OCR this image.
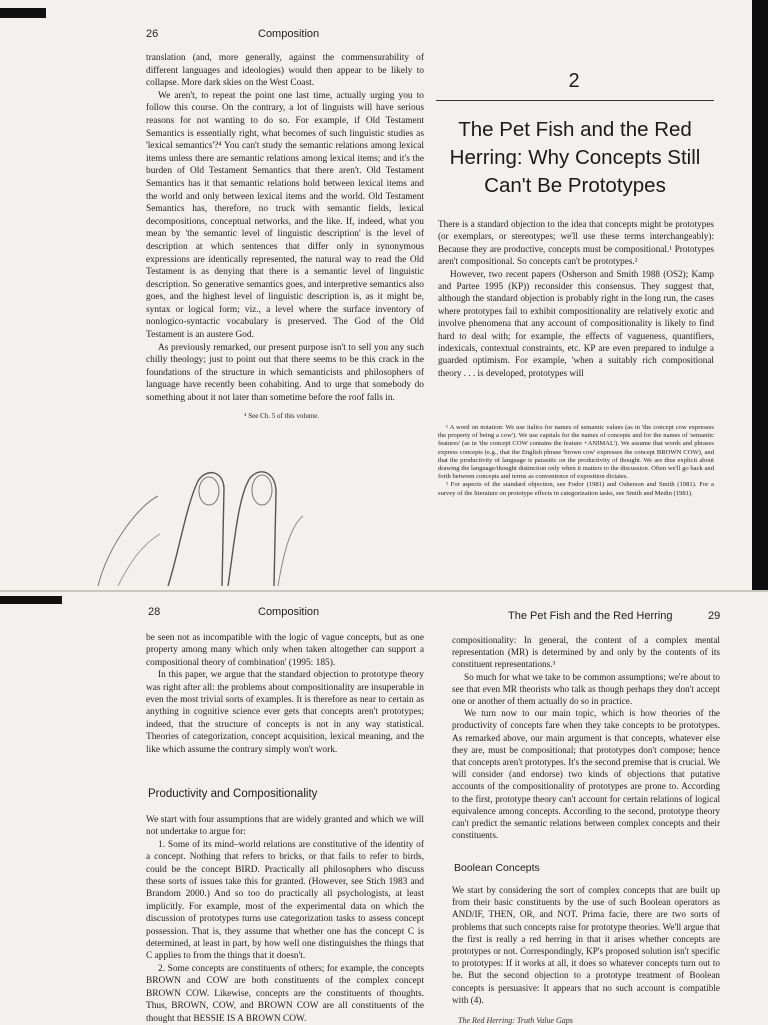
26	Composition

translation (and, more generally, against the commensurability of different languages and ideologies) would then appear to be likely to collapse. More dark skies on the West Coast.

We aren't, to repeat the point one last time, actually urging you to follow this course. On the contrary, a lot of linguists will have serious reasons for not wanting to do so. For example, if Old Testament Semantics is essentially right, what becomes of such linguistic studies as 'lexical semantics'?⁴ You can't study the semantic relations among lexical items unless there are semantic relations among lexical items; and it's the burden of Old Testament Semantics that there aren't. Old Testament Semantics has it that semantic relations hold between lexical items and the world and only between lexical items and the world. Old Testament Semantics has, therefore, no truck with semantic fields, lexical decompositions, conceptual networks, and the like. If, indeed, what you mean by 'the semantic level of linguistic description' is the level of description at which sentences that differ only in synonymous expressions are identically represented, the natural way to read the Old Testament is as denying that there is a semantic level of linguistic description. So generative semantics goes, and interpretive semantics also goes, and the highest level of linguistic description is, as it might be, syntax or logical form; viz., a level where the surface inventory of nonlogico-syntactic vocabulary is preserved. The God of the Old Testament is an austere God.

As previously remarked, our present purpose isn't to sell you any such chilly theology; just to point out that there seems to be this crack in the foundations of the structure in which semanticists and philosophers of language have recently been cohabiting. And to urge that somebody do something about it not later than sometime before the roof falls in.

⁴ See Ch. 5 of this volume.
2
The Pet Fish and the Red Herring: Why Concepts Still Can't Be Prototypes

There is a standard objection to the idea that concepts might be prototypes (or exemplars, or stereotypes; we'll use these terms interchangeably): Because they are productive, concepts must be compositional.¹ Prototypes aren't compositional. So concepts can't be prototypes.²

However, two recent papers (Osherson and Smith 1988 (OS2); Kamp and Partee 1995 (KP)) reconsider this consensus. They suggest that, although the standard objection is probably right in the long run, the cases where prototypes fail to exhibit compositionality are relatively exotic and involve phenomena that any account of compositionality is likely to find hard to deal with; for example, the effects of vagueness, quantifiers, indexicals, contextual constraints, etc. KP are even prepared to indulge a guarded optimism. For example, 'when a suitably rich compositional theory . . . is developed, prototypes will

¹ A word on notation: We use italics for names of semantic values (as in 'the concept cow expresses the property of being a cow'). We use capitals for the names of concepts and for the names of 'semantic features' (as in 'the concept COW contains the feature +ANIMAL'). We assume that words and phrases express concepts (e.g., that the English phrase 'brown cow' expresses the concept BROWN COW), and that the productivity of language is parasitic on the productivity of thought. We are thus explicit about drawing the language/thought distinction only when it matters to the discussion. Often we'll go back and forth between concepts and terms as convenience of exposition dictates.

² For aspects of the standard objection, see Fodor (1981) and Osherson and Smith (1981). For a survey of the literature on prototype effects in categorization tasks, see Smith and Medin (1981).

28	Composition

be seen not as incompatible with the logic of vague concepts, but as one property among many which only when taken altogether can support a compositional theory of combination' (1995: 185).

In this paper, we argue that the standard objection to prototype theory was right after all: the problems about compositionality are insuperable in even the most trivial sorts of examples. It is therefore as near to certain as anything in cognitive science ever gets that concepts aren't prototypes; indeed, that the structure of concepts is not in any way statistical. Theories of categorization, concept acquisition, lexical meaning, and the like which assume the contrary simply won't work.

Productivity and Compositionality

We start with four assumptions that are widely granted and which we will not undertake to argue for:

1. Some of its mind–world relations are constitutive of the identity of a concept. Nothing that refers to bricks, or that fails to refer to birds, could be the concept BIRD. Practically all philosophers who discuss these sorts of issues take this for granted. (However, see Stich 1983 and Brandom 2000.) And so too do practically all psychologists, at least implicitly. For example, most of the experimental data on which the discussion of prototypes turns use categorization tasks to assess concept possession. That is, they assume that whether one has the concept C is determined, at least in part, by how well one distinguishes the things that C applies to from the things that it doesn't.

2. Some concepts are constituents of others; for example, the concepts BROWN and COW are both constituents of the complex concept BROWN COW. Likewise, concepts are the constituents of thoughts. Thus, BROWN, COW, and BROWN COW are all constituents of the thought that BESSIE IS A BROWN COW.

The Pet Fish and the Red Herring	29

compositionality: In general, the content of a complex mental representation (MR) is determined by and only by the contents of its constituent representations.³

So much for what we take to be common assumptions; we're about to see that even MR theorists who talk as though perhaps they don't accept one or another of them actually do so in practice.

We turn now to our main topic, which is how theories of the productivity of concepts fare when they take concepts to be prototypes. As remarked above, our main argument is that concepts, whatever else they are, must be compositional; that prototypes don't compose; hence that concepts aren't prototypes. It's the second premise that is crucial. We will consider (and endorse) two kinds of objections that putative accounts of the compositionality of prototypes are prone to. According to the first, prototype theory can't account for certain relations of logical equivalence among concepts. According to the second, prototype theory can't predict the semantic relations between complex concepts and their constituents.

Boolean Concepts

We start by considering the sort of complex concepts that are built up from their basic constituents by the use of such Boolean operators as AND/IF, THEN, OR, and NOT. Prima facie, there are two sorts of problems that such concepts raise for prototype theories. We'll argue that the first is really a red herring in that it arises whether concepts are prototypes or not. Correspondingly, KP's proposed solution isn't specific to prototypes: If it works at all, it does so whatever concepts turn out to be. But the second objection to a prototype treatment of Boolean concepts is persuasive: It appears that no such account is compatible with (4).

The Red Herring: Truth Value Gaps
